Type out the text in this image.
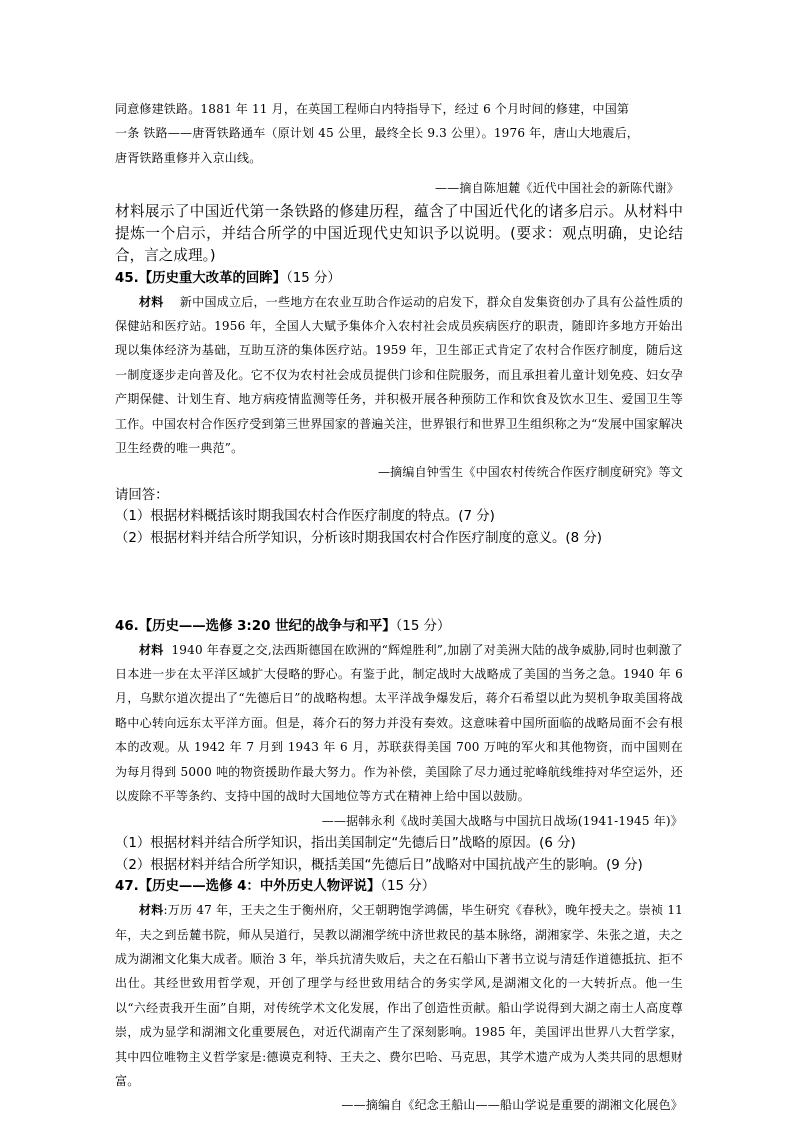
同意修建铁路。1881 年 11 月，在英国工程师白内特指导下，经过 6 个月时间的修建，中国第

一条 铁路——唐胥铁路通车（原计划 45 公里，最终全长 9.3 公里）。1976 年，唐山大地震后，

唐胥铁路重修并入京山线。

——摘自陈旭麓《近代中国社会的新陈代谢》

材料展示了中国近代第一条铁路的修建历程，蕴含了中国近代化的诸多启示。从材料中提炼一个启示，并结合所学的中国近现代史知识予以说明。(要求：观点明确，史论结合，言之成理。)

45.【历史重大改革的回眸】（15 分）

材料 新中国成立后，一些地方在农业互助合作运动的启发下，群众自发集资创办了具有公益性质的保健站和医疗站。1956 年，全国人大赋予集体介入农村社会成员疾病医疗的职责，随即许多地方开始出现以集体经济为基础，互助互济的集体医疗站。1959 年，卫生部正式肯定了农村合作医疗制度，随后这一制度逐步走向普及化。它不仅为农村社会成员提供门诊和住院服务，而且承担着儿童计划免疫、妇女孕产期保健、计划生育、地方病疫情监测等任务，并积极开展各种预防工作和饮食及饮水卫生、爱国卫生等工作。中国农村合作医疗受到第三世界国家的普遍关注，世界银行和世界卫生组织称之为“发展中国家解决卫生经费的唯一典范”。

—摘编自钟雪生《中国农村传统合作医疗制度研究》等文

请回答：

（1）根据材料概括该时期我国农村合作医疗制度的特点。(7 分)

（2）根据材料并结合所学知识，分析该时期我国农村合作医疗制度的意义。(8 分)

46.【历史——选修 3:20 世纪的战争与和平】（15 分）

材料 1940 年春夏之交,法西斯德国在欧洲的“辉煌胜利”,加剧了对美洲大陆的战争威胁,同时也刺激了日本进一步在太平洋区域扩大侵略的野心。有鉴于此，制定战时大战略成了美国的当务之急。1940 年 6 月，乌默尔道次提出了“先德后日”的战略构想。太平洋战争爆发后，蒋介石希望以此为契机争取美国将战略中心转向远东太平洋方面。但是，蒋介石的努力并没有奏效。这意味着中国所面临的战略局面不会有根本的改观。从 1942 年 7 月到 1943 年 6 月，苏联获得美国 700 万吨的军火和其他物资，而中国则在为每月得到 5000 吨的物资援助作最大努力。作为补偿，美国除了尽力通过驼峰航线维持对华空运外，还以废除不平等条约、支持中国的战时大国地位等方式在精神上给中国以鼓励。

——据韩永利《战时美国大战略与中国抗日战场(1941-1945 年)》

（1）根据材料并结合所学知识，指出美国制定“先德后日”战略的原因。(6 分)

（2）根据材料并结合所学知识，概括美国“先德后日”战略对中国抗战产生的影响。(9 分)

47.【历史——选修 4：中外历史人物评说】（15 分）

材料:万历 47 年，王夫之生于衡州府，父王朝聘饱学鸿儒，毕生研究《春秋》，晚年授夫之。崇祯 11 年，夫之到岳麓书院，师从吴道行，吴教以湖湘学统中济世救民的基本脉络，湖湘家学、朱张之道，夫之成为湖湘文化集大成者。顺治 3 年，举兵抗清失败后，夫之在石船山下著书立说与清廷作道德抵抗、拒不出仕。其经世致用哲学观，开创了理学与经世致用结合的务实学风,是湖湘文化的一大转折点。他一生以“六经责我开生面”自期，对传统学术文化发展，作出了创造性贡献。船山学说得到大湖之南士人高度尊崇，成为显学和湖湘文化重要展色，对近代湖南产生了深刻影响。1985 年，美国评出世界八大哲学家，其中四位唯物主义哲学家是:德谟克利特、王夫之、费尔巴哈、马克思，其学术遗产成为人类共同的思想财富。

——摘编自《纪念王船山——船山学说是重要的湖湘文化展色》
